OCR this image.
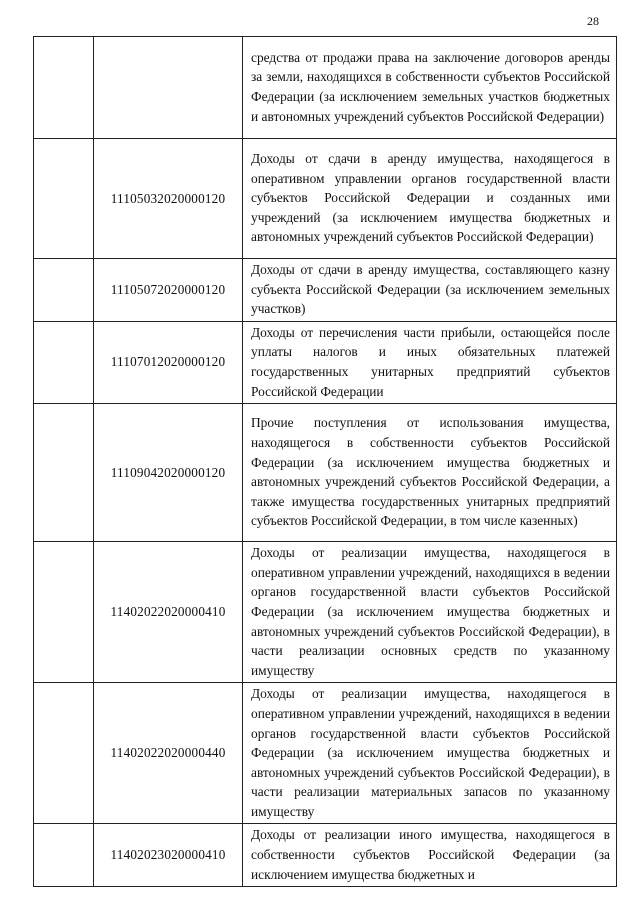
28
		средства от продажи права на заключение договоров аренды за земли, находящихся в собственности субъектов Российской Федерации (за исключением земельных участков бюджетных и автономных учреждений субъектов Российской Федерации)
	11105032020000120	Доходы от сдачи в аренду имущества, находящегося в оперативном управлении органов государственной власти субъектов Российской Федерации и созданных ими учреждений (за исключением имущества бюджетных и автономных учреждений субъектов Российской Федерации)
	11105072020000120	Доходы от сдачи в аренду имущества, составляющего казну субъекта Российской Федерации (за исключением земельных участков)
	11107012020000120	Доходы от перечисления части прибыли, остающейся после уплаты налогов и иных обязательных платежей государственных унитарных предприятий субъектов Российской Федерации
	11109042020000120	Прочие поступления от использования имущества, находящегося в собственности субъектов Российской Федерации (за исключением имущества бюджетных и автономных учреждений субъектов Российской Федерации, а также имущества государственных унитарных предприятий субъектов Российской Федерации, в том числе казенных)
	11402022020000410	Доходы от реализации имущества, находящегося в оперативном управлении учреждений, находящихся в ведении органов государственной власти субъектов Российской Федерации (за исключением имущества бюджетных и автономных учреждений субъектов Российской Федерации), в части реализации основных средств по указанному имуществу
	11402022020000440	Доходы от реализации имущества, находящегося в оперативном управлении учреждений, находящихся в ведении органов государственной власти субъектов Российской Федерации (за исключением имущества бюджетных и автономных учреждений субъектов Российской Федерации), в части реализации материальных запасов по указанному имуществу
	11402023020000410	Доходы от реализации иного имущества, находящегося в собственности субъектов Российской Федерации (за исключением имущества бюджетных и
